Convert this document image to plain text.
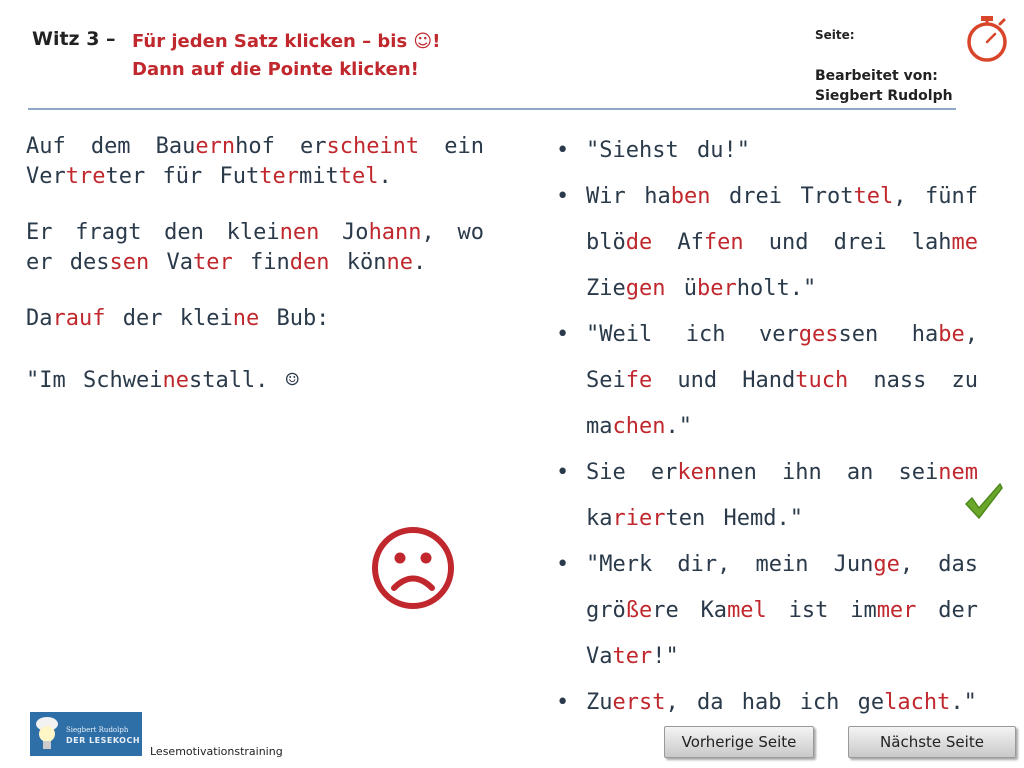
Witz 3 – Für jeden Satz klicken – bis ☺!
Dann auf die Pointe klicken!
Seite:
Bearbeitet von:
Siegbert Rudolph

Auf dem Bauernhof erscheint ein Vertreter für Futtermittel.

Er fragt den kleinen Johann, wo er dessen Vater finden könne.

Darauf der kleine Bub:

"Im Schweinestall. ☺

• "Siehst du!"
• Wir haben drei Trottel, fünf blöde Affen und drei lahme Ziegen überholt."
• "Weil ich vergessen habe, Seife und Handtuch nass zu machen."
• Sie erkennen ihn an seinem karierten Hemd."
• "Merk dir, mein Junge, das größere Kamel ist immer der Vater!"
• Zuerst, da hab ich gelacht."
Siegbert Rudolph
DER LESEKOCH
Lesemotivationstraining
Vorherige Seite	Nächste Seite
